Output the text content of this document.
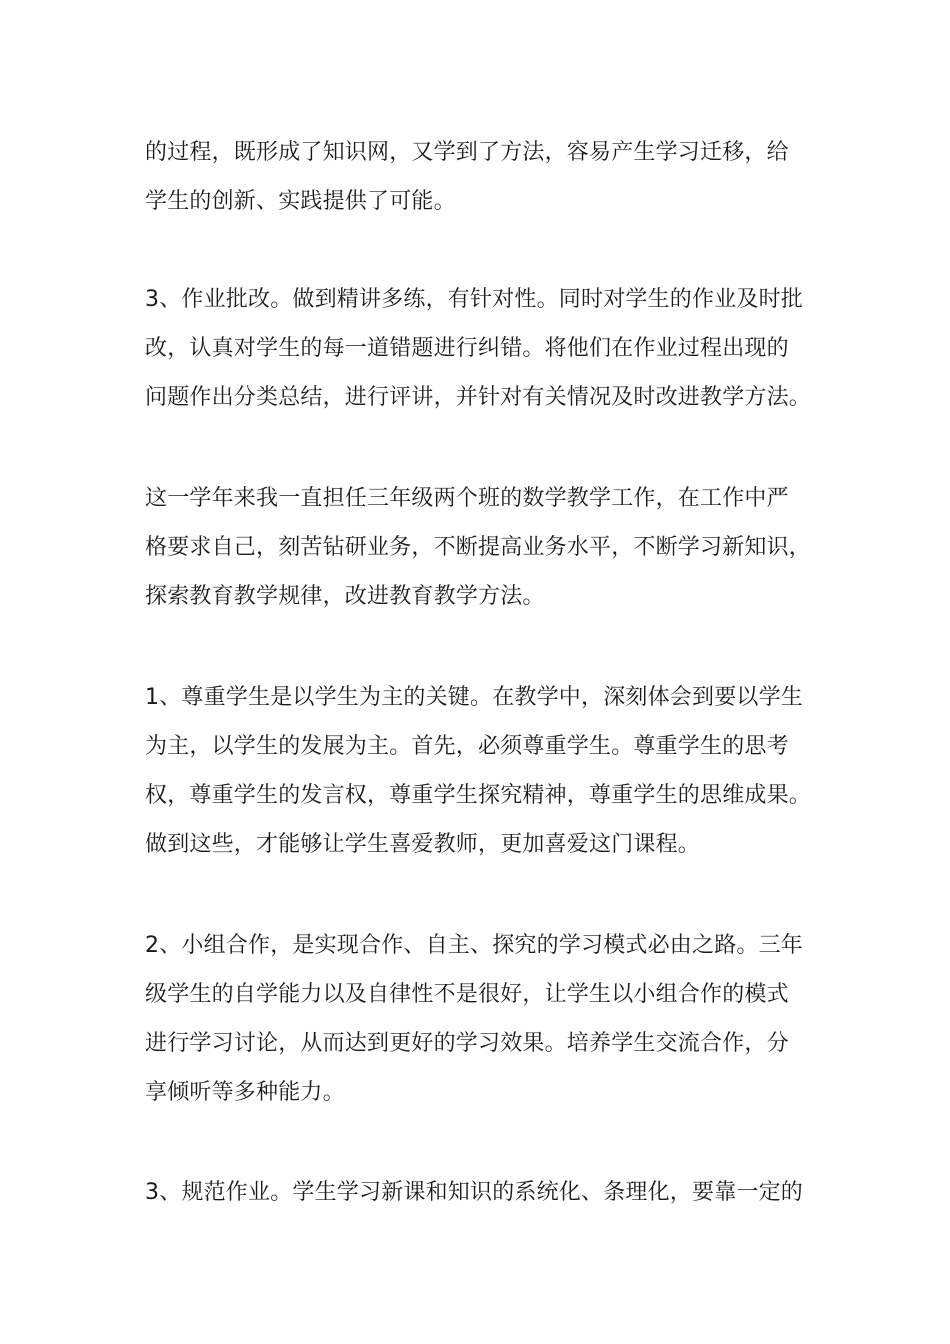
的过程，既形成了知识网，又学到了方法，容易产生学习迁移，给
学生的创新、实践提供了可能。

3、作业批改。做到精讲多练，有针对性。同时对学生的作业及时批
改，认真对学生的每一道错题进行纠错。将他们在作业过程出现的
问题作出分类总结，进行评讲，并针对有关情况及时改进教学方法。

这一学年来我一直担任三年级两个班的数学教学工作，在工作中严
格要求自己，刻苦钻研业务，不断提高业务水平，不断学习新知识，
探索教育教学规律，改进教育教学方法。

1、尊重学生是以学生为主的关键。在教学中，深刻体会到要以学生
为主，以学生的发展为主。首先，必须尊重学生。尊重学生的思考
权，尊重学生的发言权，尊重学生探究精神，尊重学生的思维成果。
做到这些，才能够让学生喜爱教师，更加喜爱这门课程。

2、小组合作，是实现合作、自主、探究的学习模式必由之路。三年
级学生的自学能力以及自律性不是很好，让学生以小组合作的模式
进行学习讨论，从而达到更好的学习效果。培养学生交流合作，分
享倾听等多种能力。

3、规范作业。学生学习新课和知识的系统化、条理化，要靠一定的
